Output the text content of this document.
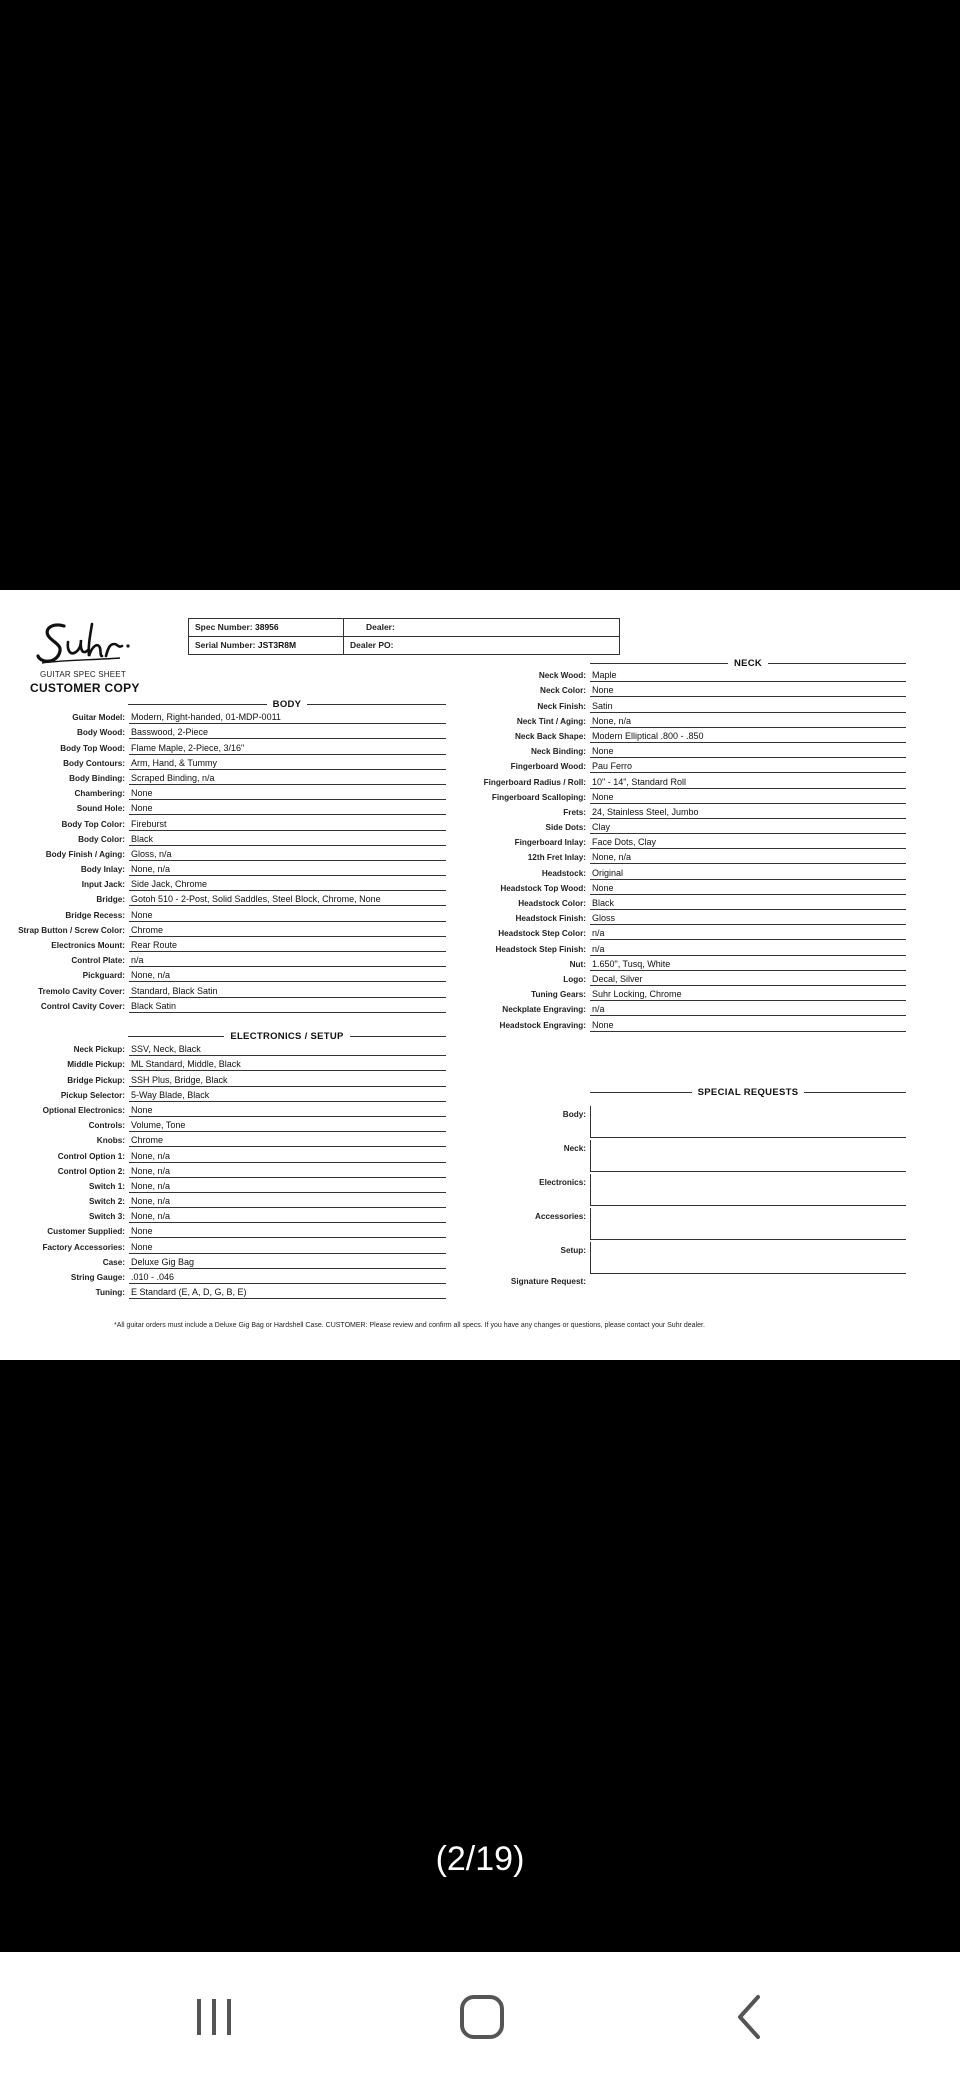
GUITAR SPEC SHEET
CUSTOMER COPY
Spec Number: 38956	Dealer:
Serial Number: JST3R8M	Dealer PO:
BODY
Guitar Model: Modern, Right-handed, 01-MDP-0011
Body Wood: Basswood, 2-Piece
Body Top Wood: Flame Maple, 2-Piece, 3/16"
Body Contours: Arm, Hand, & Tummy
Body Binding: Scraped Binding, n/a
Chambering: None
Sound Hole: None
Body Top Color: Fireburst
Body Color: Black
Body Finish / Aging: Gloss, n/a
Body Inlay: None, n/a
Input Jack: Side Jack, Chrome
Bridge: Gotoh 510 - 2-Post, Solid Saddles, Steel Block, Chrome, None
Bridge Recess: None
Strap Button / Screw Color: Chrome
Electronics Mount: Rear Route
Control Plate: n/a
Pickguard: None, n/a
Tremolo Cavity Cover: Standard, Black Satin
Control Cavity Cover: Black Satin
ELECTRONICS / SETUP
Neck Pickup: SSV, Neck, Black
Middle Pickup: ML Standard, Middle, Black
Bridge Pickup: SSH Plus, Bridge, Black
Pickup Selector: 5-Way Blade, Black
Optional Electronics: None
Controls: Volume, Tone
Knobs: Chrome
Control Option 1: None, n/a
Control Option 2: None, n/a
Switch 1: None, n/a
Switch 2: None, n/a
Switch 3: None, n/a
Customer Supplied: None
Factory Accessories: None
Case: Deluxe Gig Bag
String Gauge: .010 - .046
Tuning: E Standard (E, A, D, G, B, E)
NECK
Neck Wood: Maple
Neck Color: None
Neck Finish: Satin
Neck Tint / Aging: None, n/a
Neck Back Shape: Modern Elliptical .800 - .850
Neck Binding: None
Fingerboard Wood: Pau Ferro
Fingerboard Radius / Roll: 10" - 14", Standard Roll
Fingerboard Scalloping: None
Frets: 24, Stainless Steel, Jumbo
Side Dots: Clay
Fingerboard Inlay: Face Dots, Clay
12th Fret Inlay: None, n/a
Headstock: Original
Headstock Top Wood: None
Headstock Color: Black
Headstock Finish: Gloss
Headstock Step Color: n/a
Headstock Step Finish: n/a
Nut: 1.650", Tusq, White
Logo: Decal, Silver
Tuning Gears: Suhr Locking, Chrome
Neckplate Engraving: n/a
Headstock Engraving: None
SPECIAL REQUESTS
Body:
Neck:
Electronics:
Accessories:
Setup:
Signature Request:
*All guitar orders must include a Deluxe Gig Bag or Hardshell Case. CUSTOMER: Please review and confirm all specs. If you have any changes or questions, please contact your Suhr dealer.
(2/19)
